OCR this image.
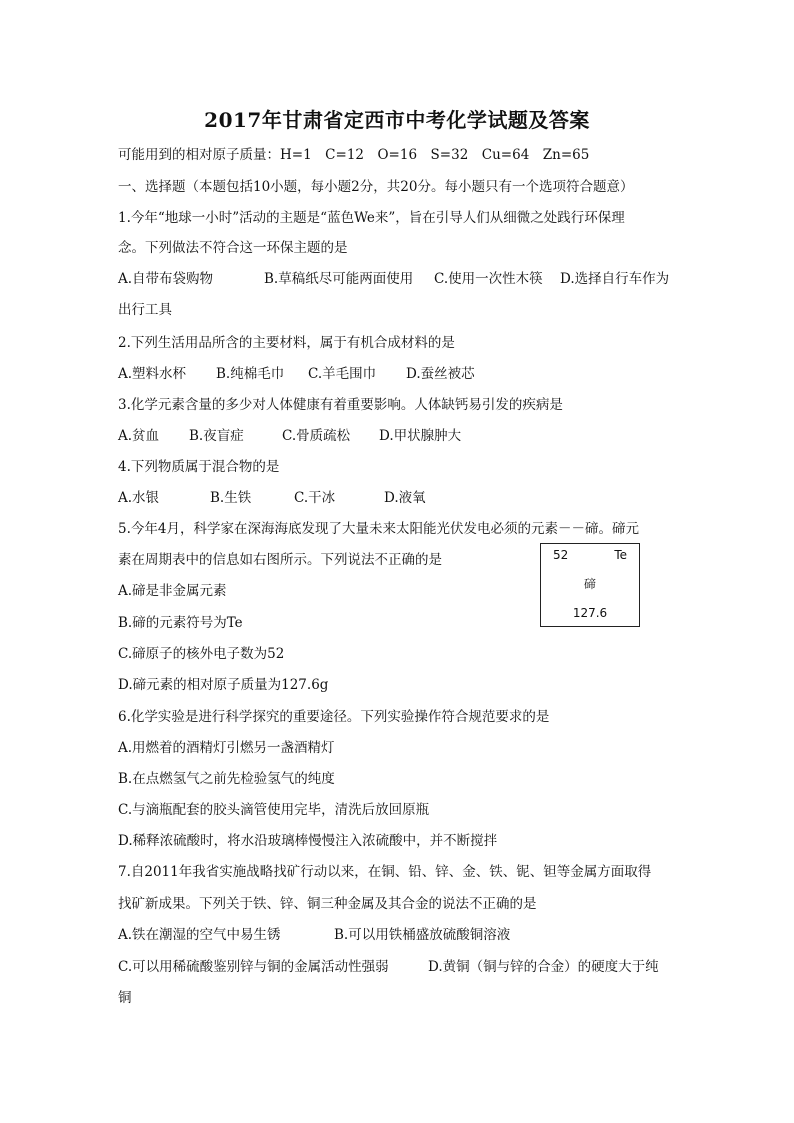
2017年甘肃省定西市中考化学试题及答案
可能用到的相对原子质量：H=1　C=12　O=16　S=32　Cu=64　Zn=65
一、选择题（本题包括10小题，每小题2分，共20分。每小题只有一个选项符合题意）
1.今年“地球一小时”活动的主题是“蓝色We来”，旨在引导人们从细微之处践行环保理
念。下列做法不符合这一环保主题的是
A.自带布袋购物	B.草稿纸尽可能两面使用 C.使用一次性木筷 D.选择自行车作为
出行工具
2.下列生活用品所含的主要材料，属于有机合成材料的是
A.塑料水杯 B.纯棉毛巾 C.羊毛围巾 D.蚕丝被芯
3.化学元素含量的多少对人体健康有着重要影响。人体缺钙易引发的疾病是
A.贫血 B.夜盲症	C.骨质疏松 D.甲状腺肿大
4.下列物质属于混合物的是
A.水银	B.生铁	C.干冰	D.液氧
5.今年4月，科学家在深海海底发现了大量未来太阳能光伏发电必须的元素－－碲。碲元
素在周期表中的信息如右图所示。下列说法不正确的是
A.碲是非金属元素
B.碲的元素符号为Te
C.碲原子的核外电子数为52
D.碲元素的相对原子质量为127.6g
52	Te
碲
127.6
6.化学实验是进行科学探究的重要途径。下列实验操作符合规范要求的是
A.用燃着的酒精灯引燃另一盏酒精灯
B.在点燃氢气之前先检验氢气的纯度
C.与滴瓶配套的胶头滴管使用完毕，清洗后放回原瓶
D.稀释浓硫酸时，将水沿玻璃棒慢慢注入浓硫酸中，并不断搅拌
7.自2011年我省实施战略找矿行动以来，在铜、铅、锌、金、铁、铌、钽等金属方面取得
找矿新成果。下列关于铁、锌、铜三种金属及其合金的说法不正确的是
A.铁在潮湿的空气中易生锈	B.可以用铁桶盛放硫酸铜溶液
C.可以用稀硫酸鉴别锌与铜的金属活动性强弱	D.黄铜（铜与锌的合金）的硬度大于纯
铜
